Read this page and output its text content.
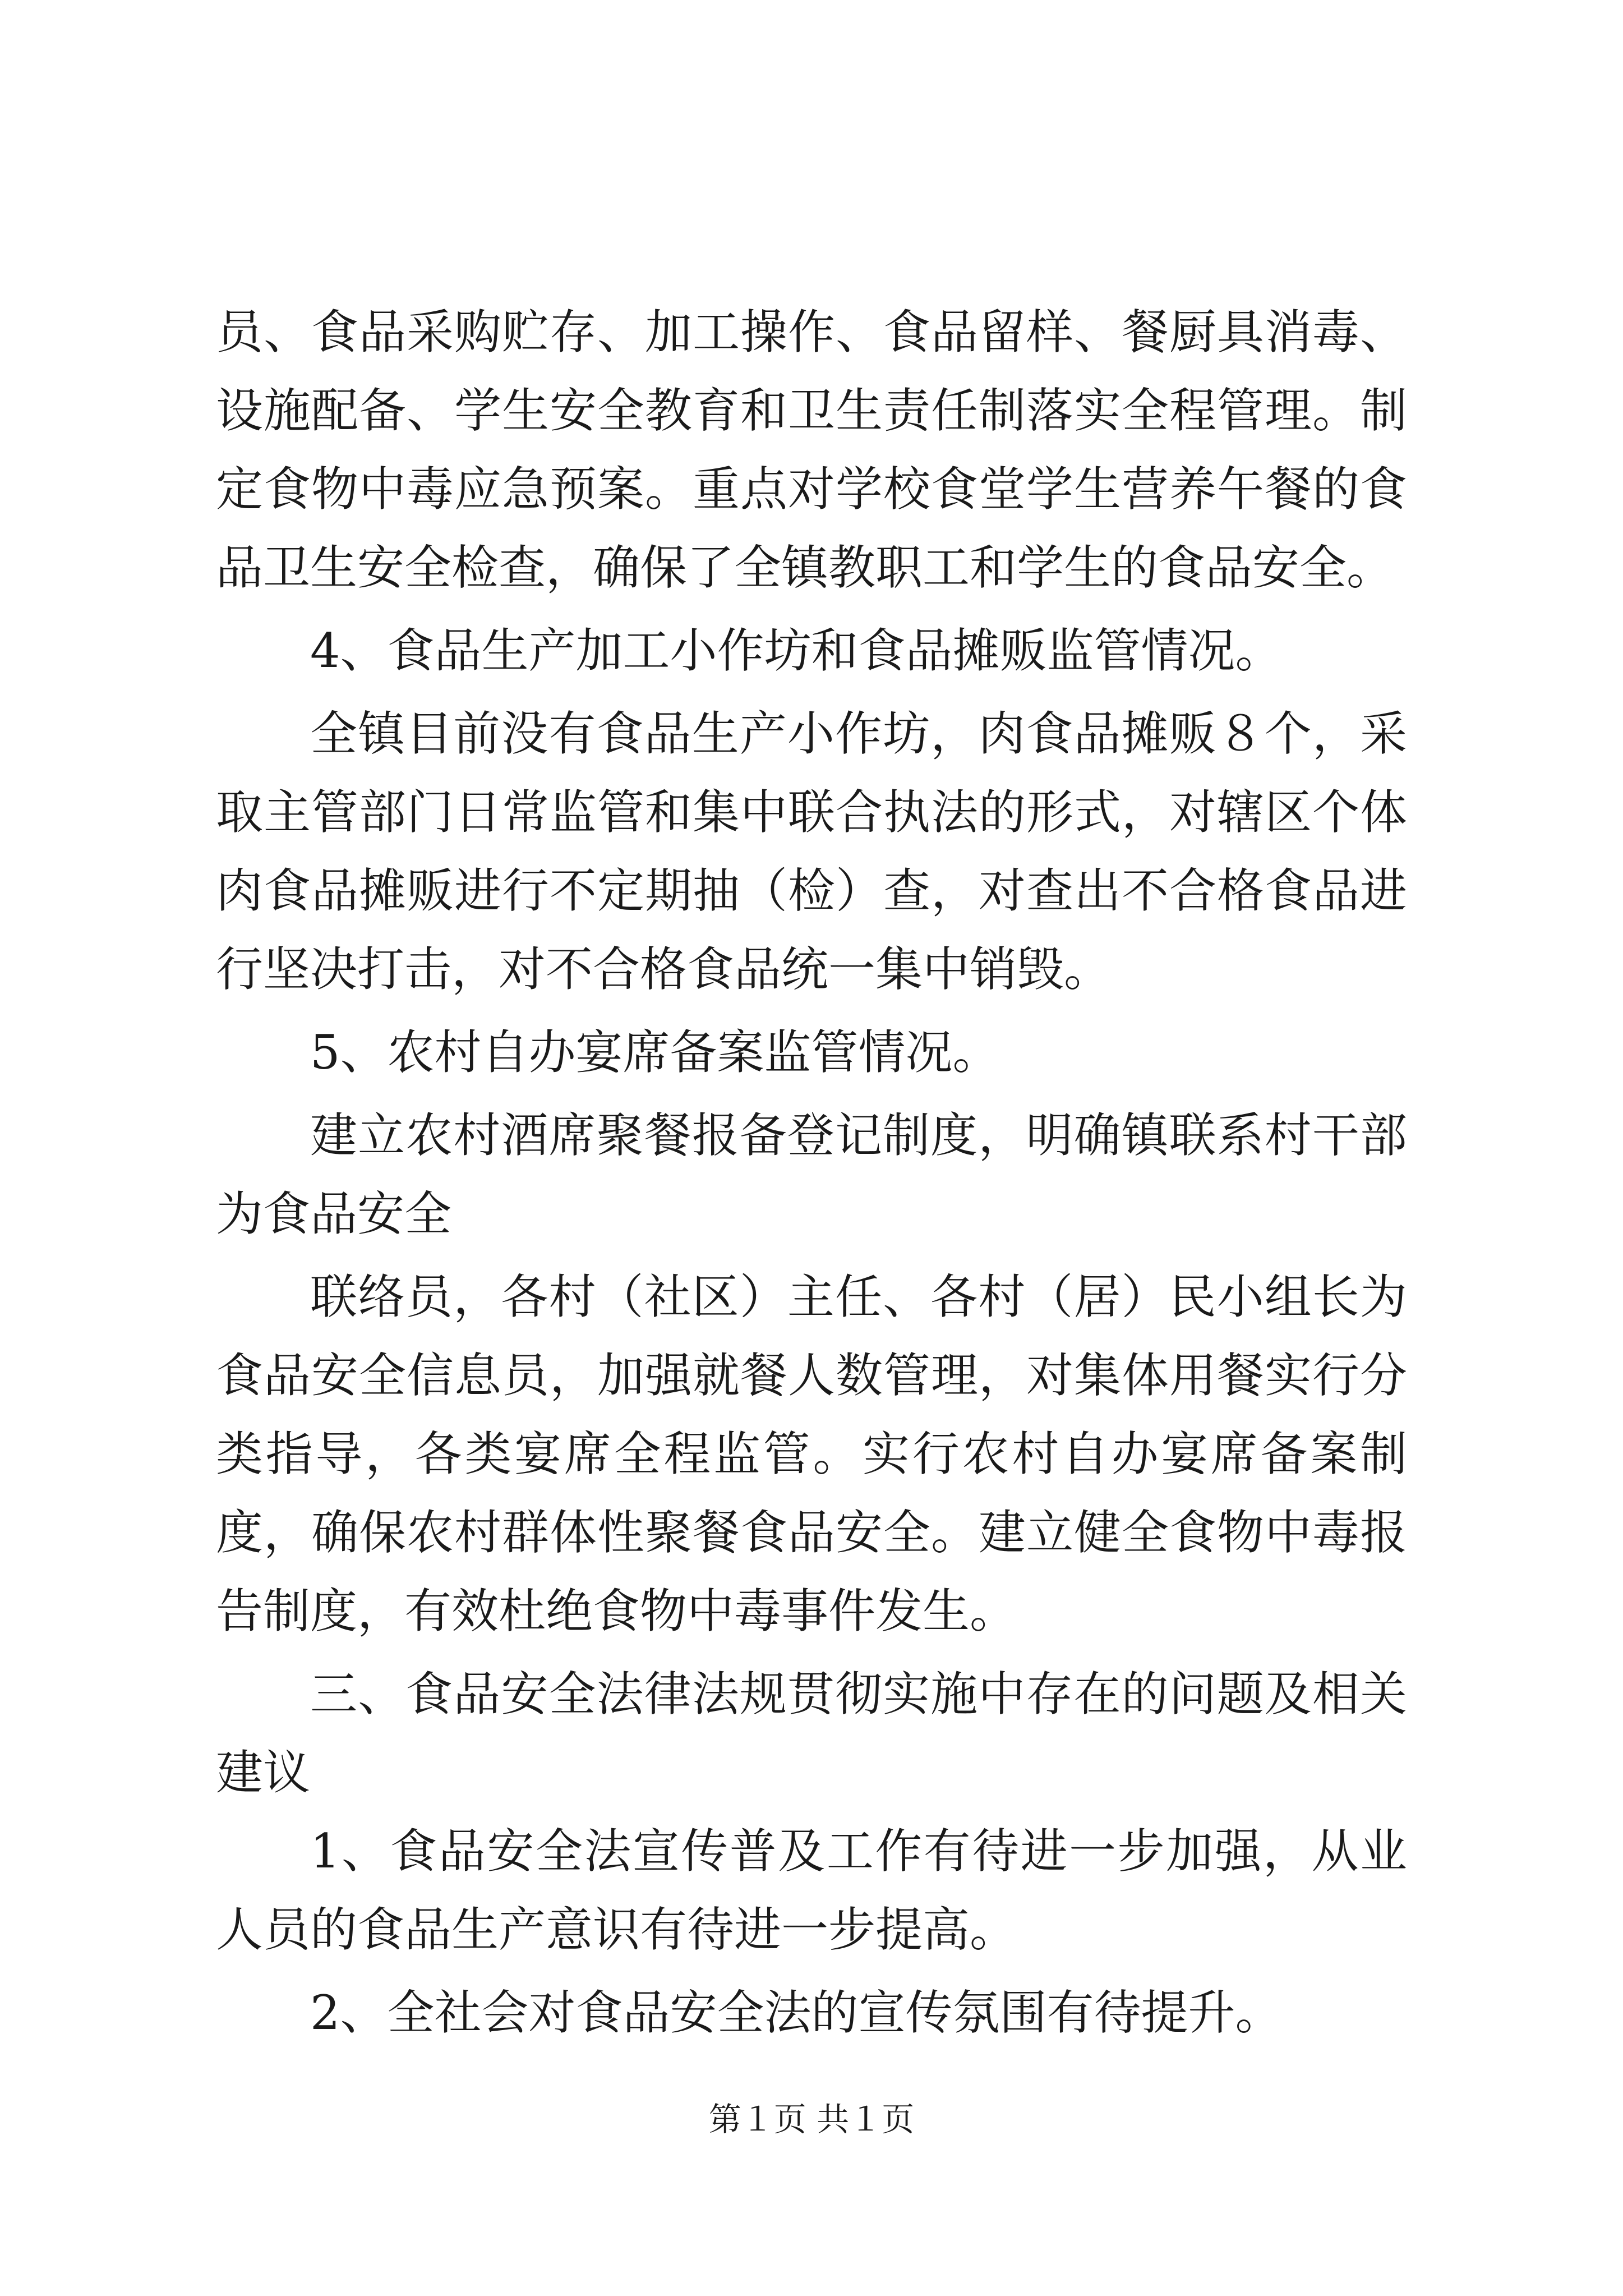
员、食品采购贮存、加工操作、食品留样、餐厨具消毒、设施配备、学生安全教育和卫生责任制落实全程管理。制定食物中毒应急预案。重点对学校食堂学生营养午餐的食品卫生安全检查，确保了全镇教职工和学生的食品安全。

4、食品生产加工小作坊和食品摊贩监管情况。

全镇目前没有食品生产小作坊，肉食品摊贩８个，采取主管部门日常监管和集中联合执法的形式，对辖区个体肉食品摊贩进行不定期抽（检）查，对查出不合格食品进行坚决打击，对不合格食品统一集中销毁。

5、农村自办宴席备案监管情况。

建立农村酒席聚餐报备登记制度，明确镇联系村干部为食品安全

联络员，各村（社区）主任、各村（居）民小组长为食品安全信息员，加强就餐人数管理，对集体用餐实行分类指导，各类宴席全程监管。实行农村自办宴席备案制度，确保农村群体性聚餐食品安全。建立健全食物中毒报告制度，有效杜绝食物中毒事件发生。

三、食品安全法律法规贯彻实施中存在的问题及相关建议

1、食品安全法宣传普及工作有待进一步加强，从业人员的食品生产意识有待进一步提高。

2、全社会对食品安全法的宣传氛围有待提升。

第１页 共１页
